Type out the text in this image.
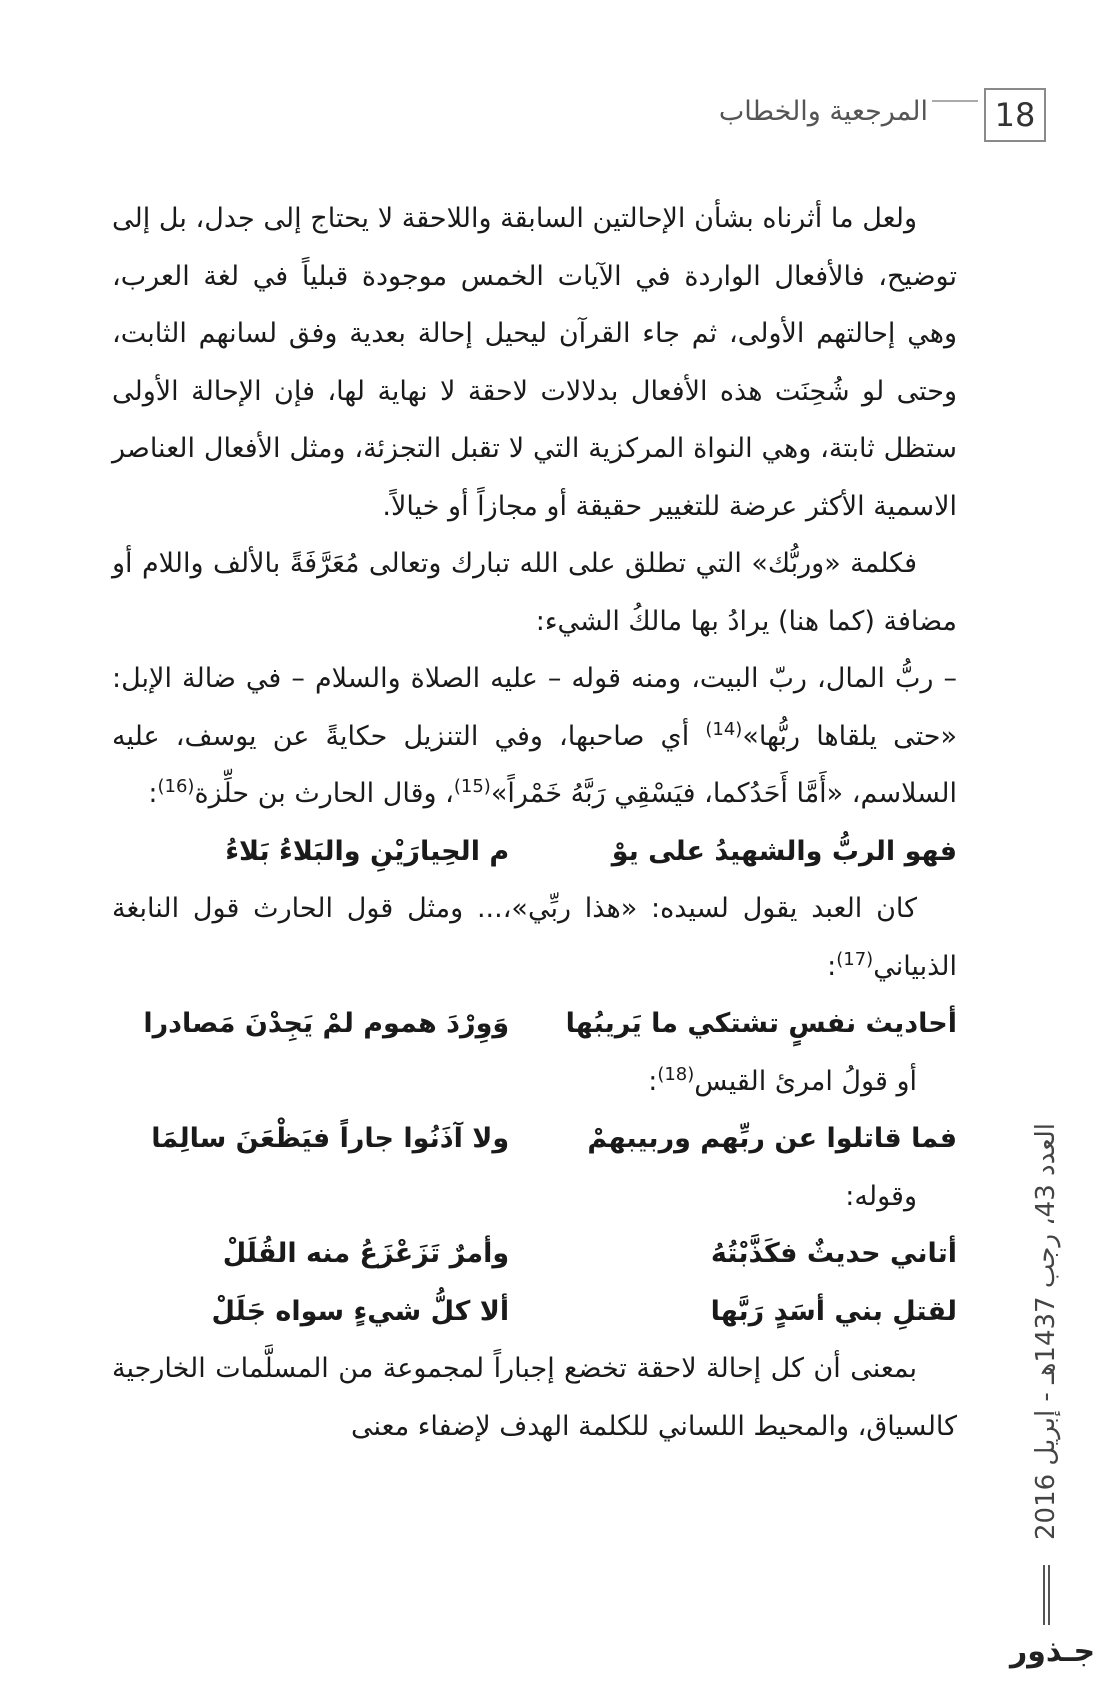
18
المرجعية والخطاب

ولعل ما أثرناه بشأن الإحالتين السابقة واللاحقة لا يحتاج إلى جدل، بل إلى توضيح، فالأفعال الواردة في الآيات الخمس موجودة قبلياً في لغة العرب، وهي إحالتهم الأولى، ثم جاء القرآن ليحيل إحالة بعدية وفق لسانهم الثابت، وحتى لو شُحِنَت هذه الأفعال بدلالات لاحقة لا نهاية لها، فإن الإحالة الأولى ستظل ثابتة، وهي النواة المركزية التي لا تقبل التجزئة، ومثل الأفعال العناصر الاسمية الأكثر عرضة للتغيير حقيقة أو مجازاً أو خيالاً.

فكلمة «وربُّك» التي تطلق على الله تبارك وتعالى مُعَرَّفَةً بالألف واللام أو مضافة (كما هنا) يرادُ بها مالكُ الشيء:

– ربُّ المال، ربّ البيت، ومنه قوله – عليه الصلاة والسلام – في ضالة الإبل: «حتى يلقاها ربُّها»$^{(14)}$ أي صاحبها، وفي التنزيل حكايةً عن يوسف، عليه السلاسم، «أَمَّا أَحَدُكما، فيَسْقِي رَبَّهُ خَمْراً»$^{(15)}$، وقال الحارث بن حلِّزة$^{(16)}$:

فهو الربُّ والشهيدُ على يوْ
م الحِيارَيْنِ والبَلاءُ بَلاءُ

كان العبد يقول لسيده: «هذا ربِّي»،... ومثل قول الحارث قول النابغة الذبياني$^{(17)}$:

أحاديث نفسٍ تشتكي ما يَريبُها
وَوِرْدَ هموم لمْ يَجِدْنَ مَصادرا

أو قولُ امرئ القيس$^{(18)}$:

فما قاتلوا عن ربِّهم وربيبهمْ
ولا آذَنُوا جاراً فيَظْعَنَ سالِمَا

وقوله:

أتاني حديثٌ فكَذَّبْتُهُ
وأمرٌ تَزَعْزَعُ منه القُلَلْ
لقتلِ بني أسَدٍ رَبَّها
ألا كلُّ شيءٍ سواه جَلَلْ

بمعنى أن كل إحالة لاحقة تخضع إجباراً لمجموعة من المسلَّمات الخارجية كالسياق، والمحيط اللساني للكلمة الهدف لإضفاء معنى

العدد 43، رجب 1437هـ - إبريل 2016
جـذور
